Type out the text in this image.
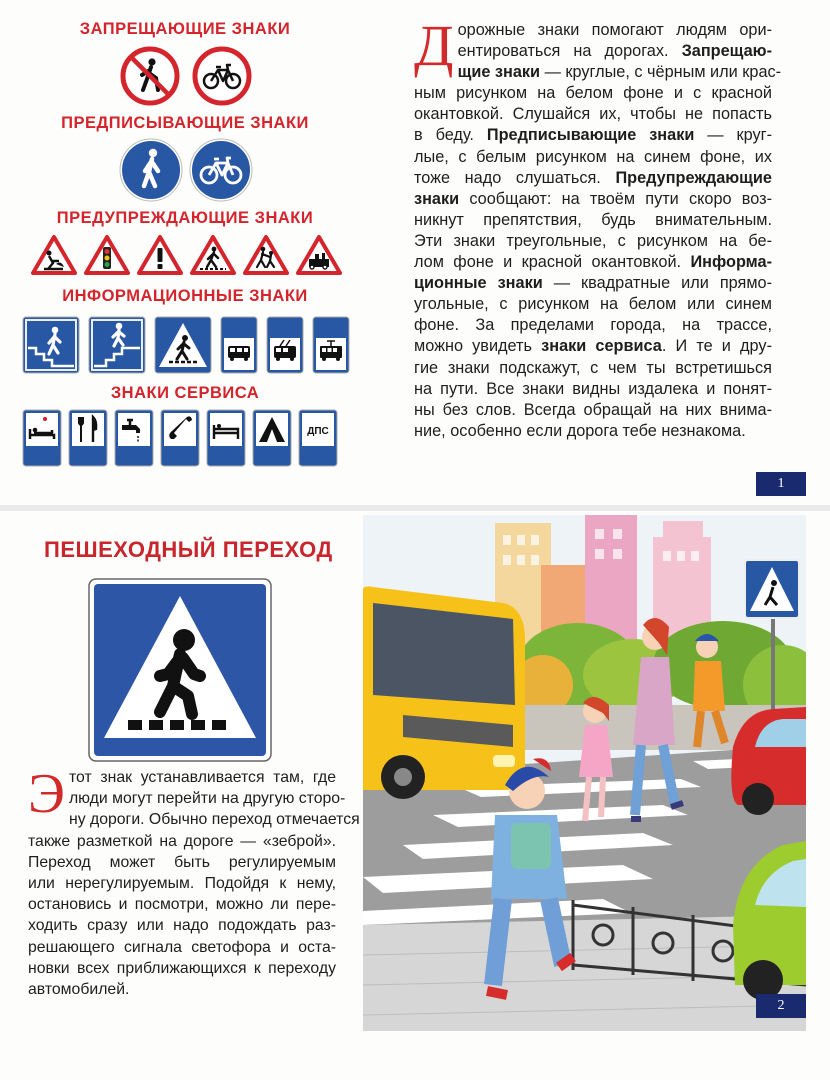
ЗАПРЕЩАЮЩИЕ ЗНАКИ
ПРЕДПИСЫВАЮЩИЕ ЗНАКИ
ПРЕДУПРЕЖДАЮЩИЕ ЗНАКИ
ИНФОРМАЦИОННЫЕ ЗНАКИ
ЗНАКИ СЕРВИСА
ДПС
Д орожные знаки помогают людям ори-
ентироваться на дорогах. Запрещаю-
щие знаки — круглые, с чёрным или крас-
ным рисунком на белом фоне и с красной
окантовкой. Слушайся их, чтобы не попасть
в беду. Предписывающие знаки — круг-
лые, с белым рисунком на синем фоне, их
тоже надо слушаться. Предупреждающие
знаки сообщают: на твоём пути скоро воз-
никнут препятствия, будь внимательным.
Эти знаки треугольные, с рисунком на бе-
лом фоне и красной окантовкой. Информа-
ционные знаки — квадратные или прямо-
угольные, с рисунком на белом или синем
фоне. За пределами города, на трассе,
можно увидеть знаки сервиса. И те и дру-
гие знаки подскажут, с чем ты встретишься
на пути. Все знаки видны издалека и понят-
ны без слов. Всегда обращай на них внима-
ние, особенно если дорога тебе незнакома.
1
ПЕШЕХОДНЫЙ ПЕРЕХОД
Э тот знак устанавливается там, где
люди могут перейти на другую сторо-
ну дороги. Обычно переход отмечается
также разметкой на дороге — «зеброй».
Переход может быть регулируемым
или нерегулируемым. Подойдя к нему,
остановись и посмотри, можно ли пере-
ходить сразу или надо подождать раз-
решающего сигнала светофора и оста-
новки всех приближающихся к переходу
автомобилей.
2
